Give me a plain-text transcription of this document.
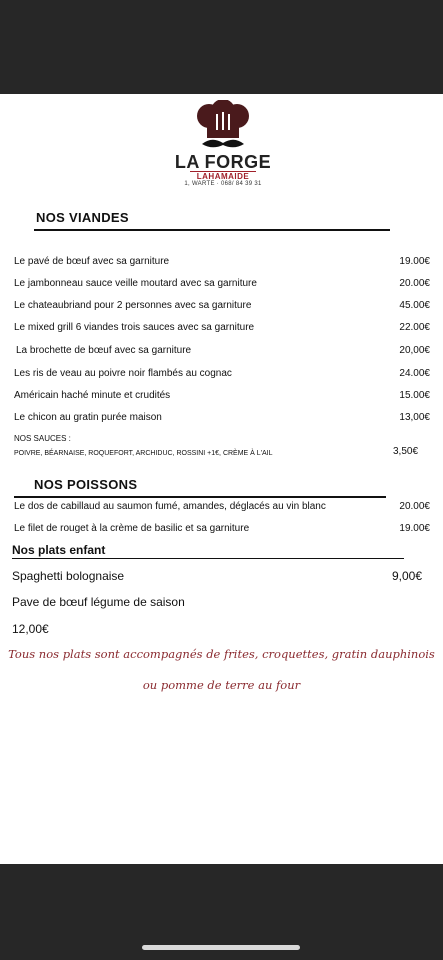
LA FORGE
LAHAMAIDE
1, WARTE · 068/ 84 39 31
NOS VIANDES
Le pavé de bœuf avec sa garniture	19.00€
Le jambonneau sauce veille moutard avec sa garniture	20.00€
Le chateaubriand pour 2 personnes avec sa garniture	45.00€
Le mixed grill 6 viandes trois sauces avec sa garniture	22.00€
La brochette de bœuf avec sa garniture	20,00€
Les ris de veau au poivre noir flambés au cognac	24.00€
Américain haché minute et crudités	15.00€
Le chicon au gratin purée maison	13,00€
NOS SAUCES :
POIVRE, BÉARNAISE, ROQUEFORT, ARCHIDUC, ROSSINI +1€, CRÈME À L'AIL	3,50€
NOS POISSONS
Le dos de cabillaud au saumon fumé, amandes, déglacés au vin blanc	20.00€
Le filet de rouget à la crème de basilic et sa garniture	19.00€
Nos plats enfant
Spaghetti bolognaise	9,00€
Pave de bœuf légume de saison
12,00€
Tous nos plats sont accompagnés de frites, croquettes, gratin dauphinois
ou pomme de terre au four
